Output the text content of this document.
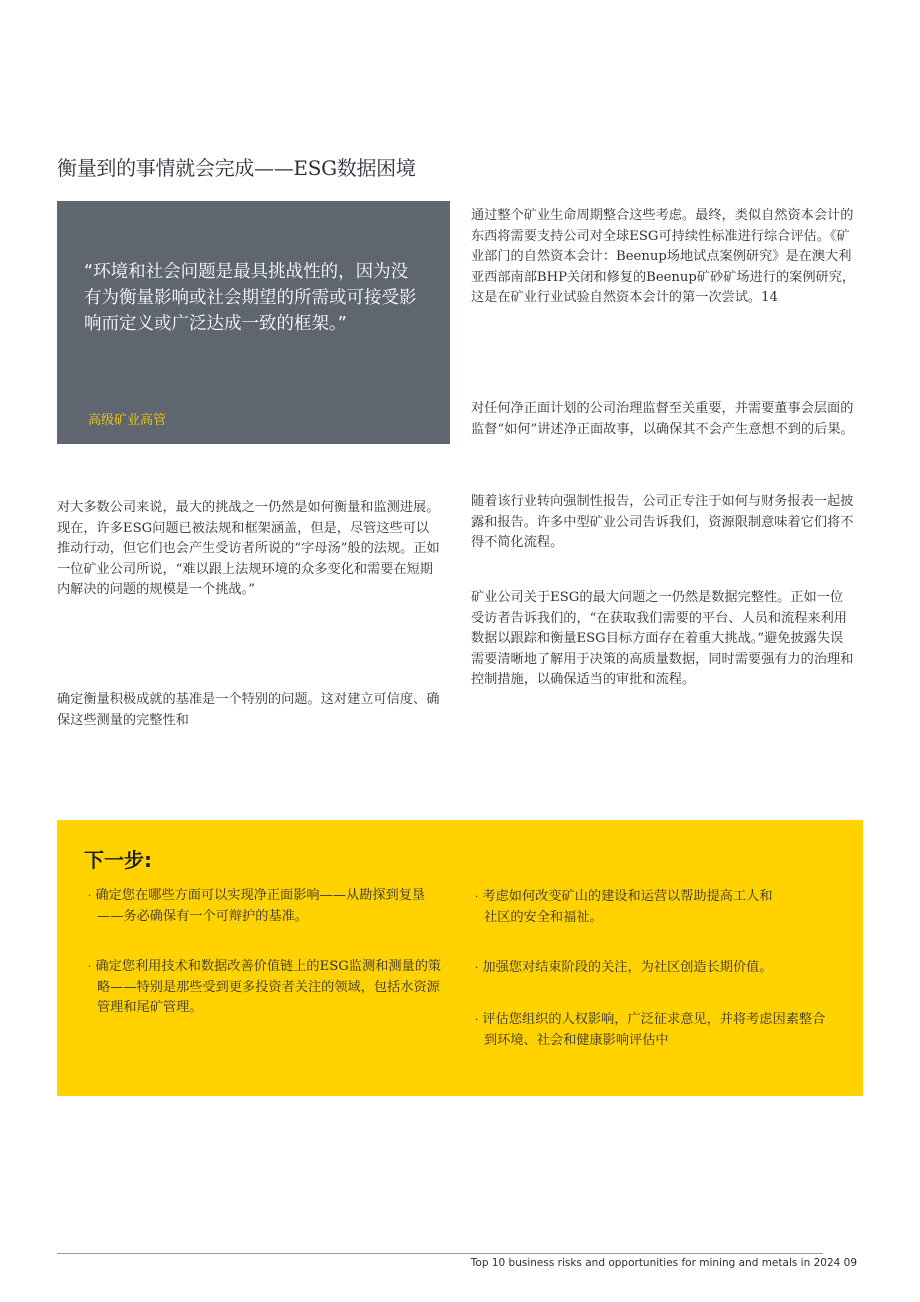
衡量到的事情就会完成——ESG数据困境
“环境和社会问题是最具挑战性的，因为没有为衡量影响或社会期望的所需或可接受影响而定义或广泛达成一致的框架。”
高级矿业高管
对大多数公司来说，最大的挑战之一仍然是如何衡量和监测进展。现在，许多ESG问题已被法规和框架涵盖，但是，尽管这些可以推动行动，但它们也会产生受访者所说的“字母汤”般的法规。正如一位矿业公司所说，“难以跟上法规环境的众多变化和需要在短期内解决的问题的规模是一个挑战。”
确定衡量积极成就的基准是一个特别的问题。这对建立可信度、确保这些测量的完整性和
通过整个矿业生命周期整合这些考虑。最终，类似自然资本会计的东西将需要支持公司对全球ESG可持续性标准进行综合评估。《矿业部门的自然资本会计：Beenup场地试点案例研究》是在澳大利亚西部南部BHP关闭和修复的Beenup矿砂矿场进行的案例研究，这是在矿业行业试验自然资本会计的第一次尝试。14
对任何净正面计划的公司治理监督至关重要，并需要董事会层面的监督“如何”讲述净正面故事，以确保其不会产生意想不到的后果。
随着该行业转向强制性报告，公司正专注于如何与财务报表一起披露和报告。许多中型矿业公司告诉我们，资源限制意味着它们将不得不简化流程。
矿业公司关于ESG的最大问题之一仍然是数据完整性。正如一位受访者告诉我们的，“在获取我们需要的平台、人员和流程来利用数据以跟踪和衡量ESG目标方面存在着重大挑战。”避免披露失误需要清晰地了解用于决策的高质量数据，同时需要强有力的治理和控制措施，以确保适当的审批和流程。
下一步:
· 确定您在哪些方面可以实现净正面影响——从勘探到复垦——务必确保有一个可辩护的基准。
· 确定您利用技术和数据改善价值链上的ESG监测和测量的策略——特别是那些受到更多投资者关注的领域，包括水资源管理和尾矿管理。
· 考虑如何改变矿山的建设和运营以帮助提高工人和社区的安全和福祉。
· 加强您对结束阶段的关注，为社区创造长期价值。
· 评估您组织的人权影响，广泛征求意见，并将考虑因素整合到环境、社会和健康影响评估中
Top 10 business risks and opportunities for mining and metals in 2024 09
